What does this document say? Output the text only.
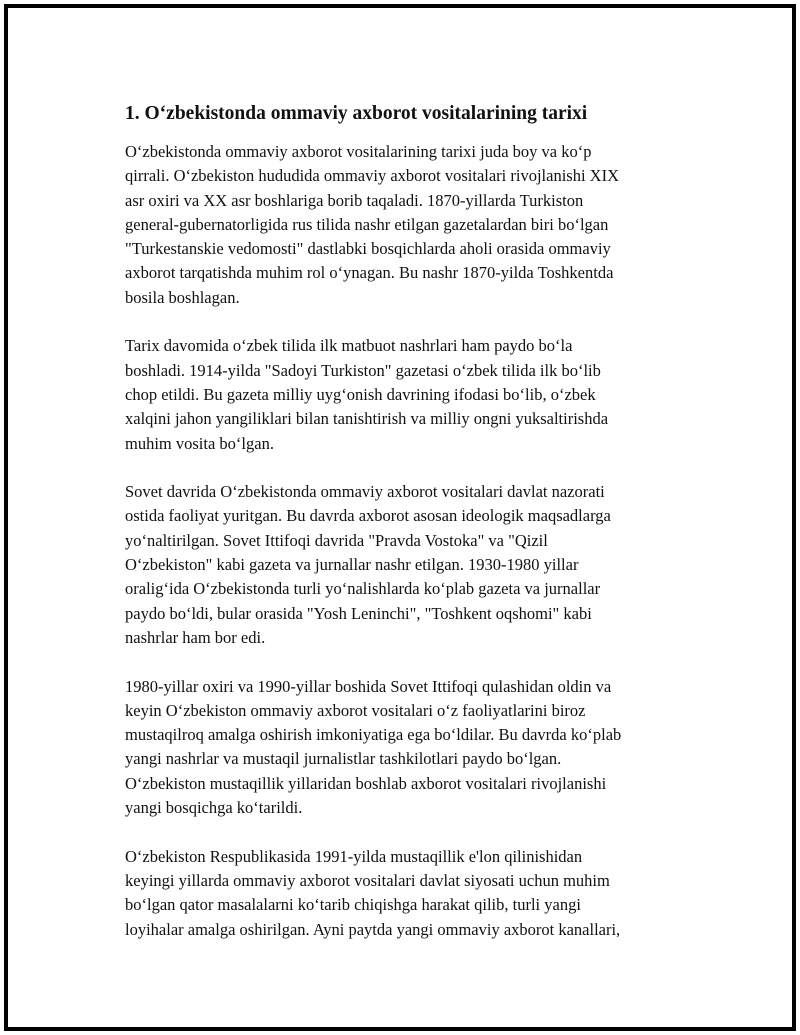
1. O‘zbekistonda ommaviy axborot vositalarining tarixi

O‘zbekistonda ommaviy axborot vositalarining tarixi juda boy va ko‘p
qirrali. O‘zbekiston hududida ommaviy axborot vositalari rivojlanishi XIX
asr oxiri va XX asr boshlariga borib taqaladi. 1870-yillarda Turkiston
general-gubernatorligida rus tilida nashr etilgan gazetalardan biri bo‘lgan
"Turkestanskie vedomosti" dastlabki bosqichlarda aholi orasida ommaviy
axborot tarqatishda muhim rol o‘ynagan. Bu nashr 1870-yilda Toshkentda
bosila boshlagan.

Tarix davomida o‘zbek tilida ilk matbuot nashrlari ham paydo bo‘la
boshladi. 1914-yilda "Sadoyi Turkiston" gazetasi o‘zbek tilida ilk bo‘lib
chop etildi. Bu gazeta milliy uyg‘onish davrining ifodasi bo‘lib, o‘zbek
xalqini jahon yangiliklari bilan tanishtirish va milliy ongni yuksaltirishda
muhim vosita bo‘lgan.

Sovet davrida O‘zbekistonda ommaviy axborot vositalari davlat nazorati
ostida faoliyat yuritgan. Bu davrda axborot asosan ideologik maqsadlarga
yo‘naltirilgan. Sovet Ittifoqi davrida "Pravda Vostoka" va "Qizil
O‘zbekiston" kabi gazeta va jurnallar nashr etilgan. 1930-1980 yillar
oralig‘ida O‘zbekistonda turli yo‘nalishlarda ko‘plab gazeta va jurnallar
paydo bo‘ldi, bular orasida "Yosh Leninchi", "Toshkent oqshomi" kabi
nashrlar ham bor edi.

1980-yillar oxiri va 1990-yillar boshida Sovet Ittifoqi qulashidan oldin va
keyin O‘zbekiston ommaviy axborot vositalari o‘z faoliyatlarini biroz
mustaqilroq amalga oshirish imkoniyatiga ega bo‘ldilar. Bu davrda ko‘plab
yangi nashrlar va mustaqil jurnalistlar tashkilotlari paydo bo‘lgan.
O‘zbekiston mustaqillik yillaridan boshlab axborot vositalari rivojlanishi
yangi bosqichga ko‘tarildi.

O‘zbekiston Respublikasida 1991-yilda mustaqillik e'lon qilinishidan
keyingi yillarda ommaviy axborot vositalari davlat siyosati uchun muhim
bo‘lgan qator masalalarni ko‘tarib chiqishga harakat qilib, turli yangi
loyihalar amalga oshirilgan. Ayni paytda yangi ommaviy axborot kanallari,
